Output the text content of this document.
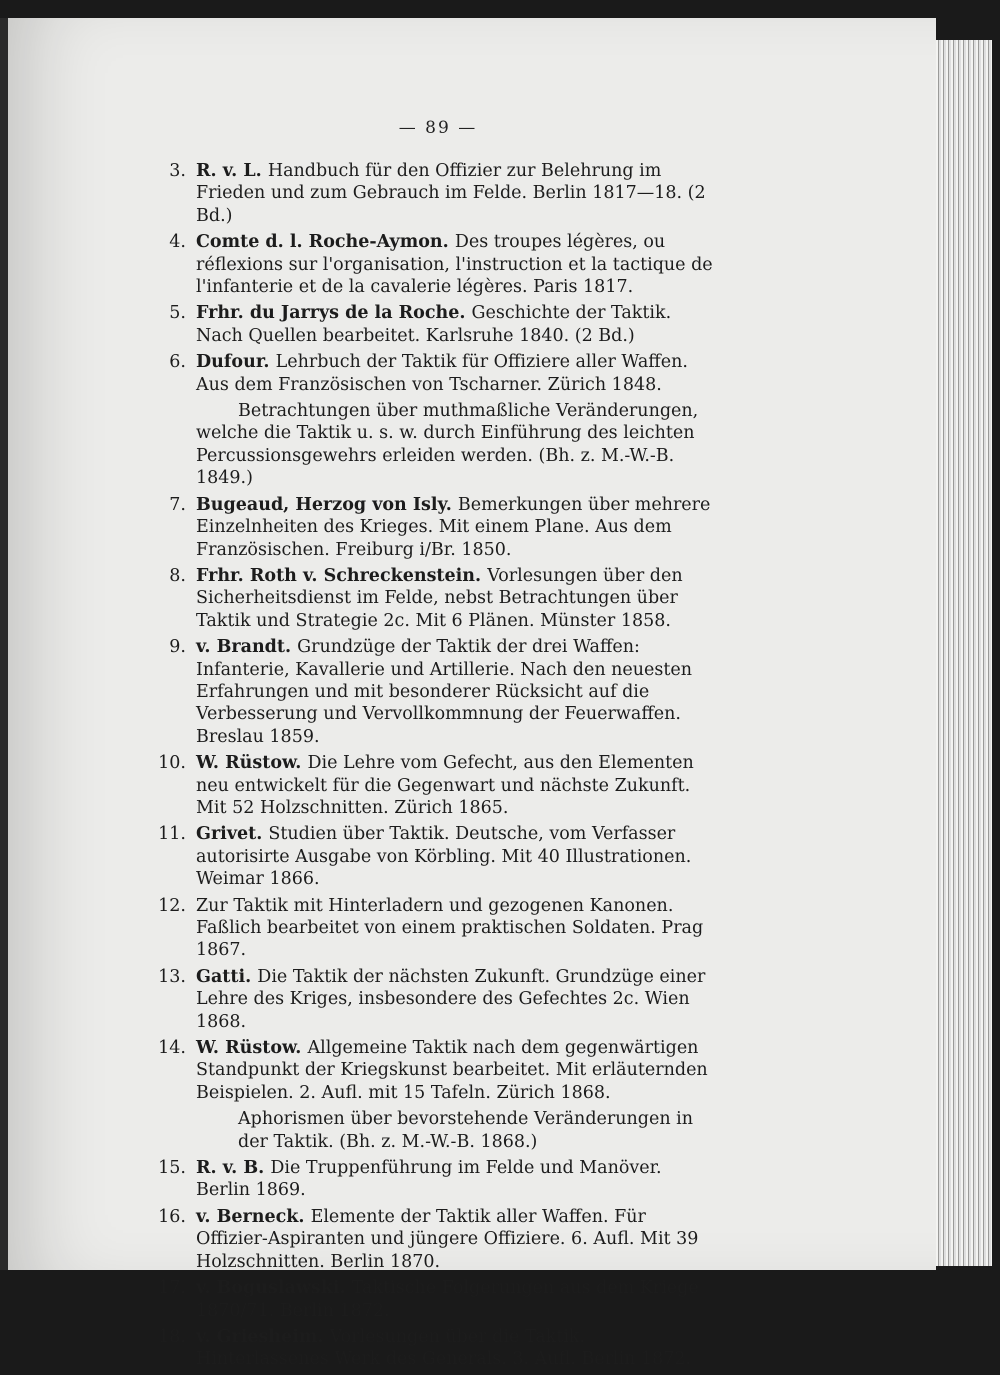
— 89 —
3. R. v. L. Handbuch für den Offizier zur Belehrung im Frieden und zum Gebrauch im Felde. Berlin 1817—18. (2 Bd.)
4. Comte d. l. Roche-Aymon. Des troupes légères, ou réflexions sur l'organisation, l'instruction et la tactique de l'infanterie et de la cavalerie légères. Paris 1817.
5. Frhr. du Jarrys de la Roche. Geschichte der Taktik. Nach Quellen bearbeitet. Karlsruhe 1840. (2 Bd.)
6. Dufour. Lehrbuch der Taktik für Offiziere aller Waffen. Aus dem Französischen von Tscharner. Zürich 1848.
Betrachtungen über muthmaßliche Veränderungen, welche die Taktik u. s. w. durch Einführung des leichten Percussionsgewehrs erleiden werden. (Bh. z. M.-W.-B. 1849.)
7. Bugeaud, Herzog von Isly. Bemerkungen über mehrere Einzelnheiten des Krieges. Mit einem Plane. Aus dem Französischen. Freiburg i/Br. 1850.
8. Frhr. Roth v. Schreckenstein. Vorlesungen über den Sicherheitsdienst im Felde, nebst Betrachtungen über Taktik und Strategie 2c. Mit 6 Plänen. Münster 1858.
9. v. Brandt. Grundzüge der Taktik der drei Waffen: Infanterie, Kavallerie und Artillerie. Nach den neuesten Erfahrungen und mit besonderer Rücksicht auf die Verbesserung und Vervollkommnung der Feuerwaffen. Breslau 1859.
10. W. Rüstow. Die Lehre vom Gefecht, aus den Elementen neu entwickelt für die Gegenwart und nächste Zukunft. Mit 52 Holzschnitten. Zürich 1865.
11. Grivet. Studien über Taktik. Deutsche, vom Verfasser autorisirte Ausgabe von Körbling. Mit 40 Illustrationen. Weimar 1866.
12. Zur Taktik mit Hinterladern und gezogenen Kanonen. Faßlich bearbeitet von einem praktischen Soldaten. Prag 1867.
13. Gatti. Die Taktik der nächsten Zukunft. Grundzüge einer Lehre des Kriges, insbesondere des Gefechtes 2c. Wien 1868.
14. W. Rüstow. Allgemeine Taktik nach dem gegenwärtigen Standpunkt der Kriegskunst bearbeitet. Mit erläuternden Beispielen. 2. Aufl. mit 15 Tafeln. Zürich 1868.
Aphorismen über bevorstehende Veränderungen in der Taktik. (Bh. z. M.-W.-B. 1868.)
15. R. v. B. Die Truppenführung im Felde und Manöver. Berlin 1869.
16. v. Berneck. Elemente der Taktik aller Waffen. Für Offizier-Aspiranten und jüngere Offiziere. 6. Aufl. Mit 39 Holzschnitten. Berlin 1870.
17. v. Boguslawski. Taktische Folgerungen aus dem Kriege 1870/71. Berlin 1872.
18. v. Griesheim. Vorlesungen über die Taktik. Hinterlassenes Werk des Generals. 3. Aufl. Berlin 1872.
